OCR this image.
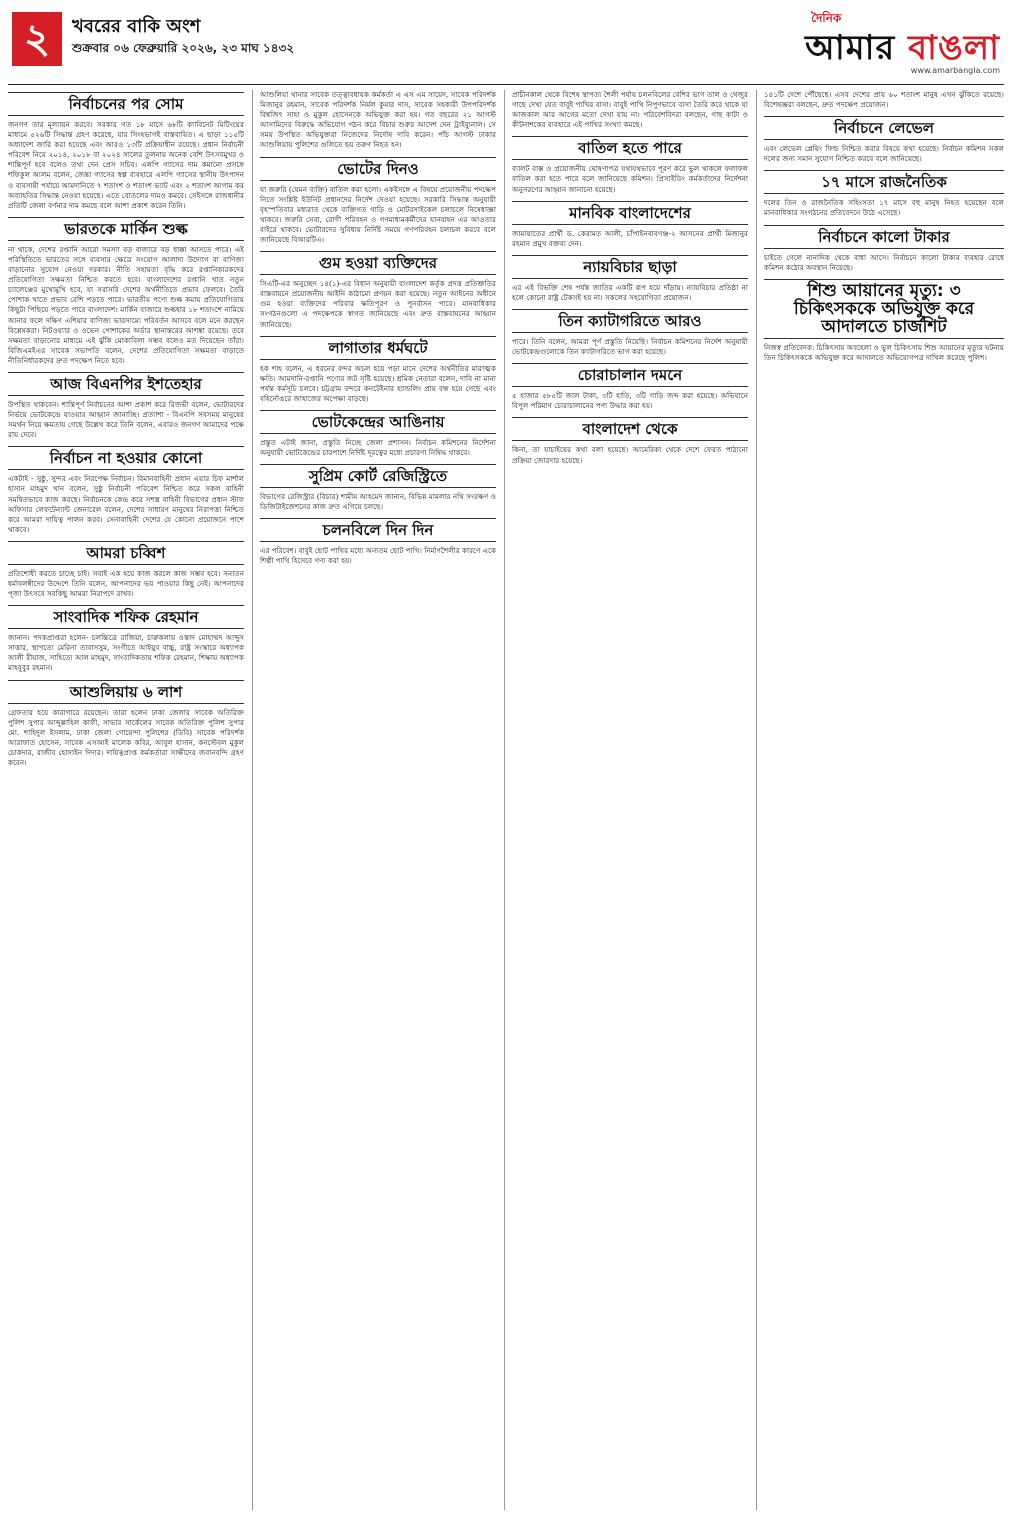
২	খবরের বাকি অংশ
শুক্রবার ০৬ ফেব্রুয়ারি ২০২৬, ২৩ মাঘ ১৪৩২
দৈনিক
আমার বাঙলা
www.amarbangla.com
নির্বাচনের পর সোম
জনগণ তার মূল্যায়ন করবে। সরকার গত ১৮ মাসে ৬৮টি ক্যাবিনেট মিটিংয়ের মাধ্যমে ৫২৬টি সিদ্ধান্ত গ্রহণ করেছে, যার সিংহভাগই বাস্তবায়িত। এ ছাড়া ১১৫টি অধ্যাদেশ জারি করা হয়েছে এবং আরও ১৩টি প্রক্রিয়াধীন রয়েছে। প্রধান নির্বাচনী পরিবেশ নিয়ে ২০১৪, ২০১৮ বা ২০২৪ সালের তুলনায় অনেক বেশি উৎসবমুখর ও শান্তিপূর্ণ হবে বলেও তথ্য দেন প্রেস সচিব। এলপি গ্যাসের দাম কমানো প্রসঙ্গে শফিকুল আলম বলেন, জেন্তা গ্যাসের স্বল্প ব্যবহারে এলপি গ্যাসের স্থানীয় উৎপাদন ও ব্যবসায়ী পর্যায়ে আমদানিতে ৭ শতাংশ ও শতাংশ ভ্যাট এবং ২ শতাংশ আগাম কর অব্যাহতির সিদ্ধান্ত নেওয়া হয়েছে। এতে বোতলের দামও কমবে। সেইসঙ্গে রাজধানীর প্রতিটি জেলা বর্ণনার দাম কমছে বলে আশা প্রকাশ করেন তিনি।
ভারতকে মার্কিন শুল্ক
না থাকে, দেশের রপ্তানি আরো সমস্যা বড় বাজারে বড় ধাক্কা আসতে পারে। এই পরিস্থিতিতে ভারতের সঙ্গে ব্যবসার ক্ষেত্রে সংযোগ আলাদা উদ্যোগ বা বাণিজ্য বাড়ানোর সুযোগ নেওয়া দরকার। নীতি সহায়তা বৃদ্ধি করে রপ্তানিকারকদের প্রতিযোগিতা সক্ষমতা নিশ্চিত করতে হবে। বাংলাদেশের রপ্তানি খাত নতুন চ্যালেঞ্জের মুখোমুখি হবে, যা সরাসরি দেশের অর্থনীতিতে প্রভাব ফেলবে। তৈরি পোশাক খাতে প্রভাব বেশি পড়তে পারে। ভারতীয় পণ্যে শুল্ক কমায় প্রতিযোগিতায় কিছুটা পিছিয়ে পড়তে পারে বাংলাদেশ। মার্কিন বাজারে শুল্কহার ১৮ শতাংশে নামিয়ে আনার ফলে দক্ষিণ এশিয়ার বাণিজ্য ভারসাম্যে পরিবর্তন আসবে বলে মনে করছেন বিশ্লেষকরা। নিটওয়্যার ও ওভেন পোশাকের অর্ডার স্থানান্তরের আশঙ্কা রয়েছে। তবে সক্ষমতা বাড়ানোর মাধ্যমে এই ঝুঁকি মোকাবিলা সম্ভব বলেও মত দিয়েছেন তাঁরা। বিজিএমইএর সাবেক সভাপতি বলেন, দেশের প্রতিযোগিতা সক্ষমতা বাড়াতে নীতিনির্ধারকদের দ্রুত পদক্ষেপ নিতে হবে।
আজ বিএনপির ইশতেহার
উপস্থিত থাকবেন। শান্তিপূর্ণ নির্বাচনের আশা প্রকাশ করে রিজভী বলেন, ভোটারদের নির্ভয়ে ভোটকেন্দ্রে যাওয়ার আহ্বান জানাচ্ছি। প্রত্যাশা - বিএনপি সবসময় মানুষের সমর্থন নিয়ে ক্ষমতায় গেছে উল্লেখ করে তিনি বলেন, এবারও জনগণ আমাদের পক্ষে রায় দেবে।
নির্বাচন না হওয়ার কোনো
একটাই - সুষ্ঠু, সুন্দর এবং নিরপেক্ষ নির্বাচন। বিমানবাহিনী প্রধান এয়ার চিফ মার্শাল হাসান মাহমুদ খান বলেন, সুষ্ঠু নির্বাচনী পরিবেশ নিশ্চিত করে সকল বাহিনী সমন্বিতভাবে কাজ করছে। নির্বাচনকে কেন্দ্র করে সশস্ত্র বাহিনী বিভাগের প্রধান স্টাফ অফিসার লেফটেন্যান্ট জেনারেল বলেন, দেশের সাধারণ মানুষের নিরাপত্তা নিশ্চিত করে আমরা দায়িত্ব পালন করব। সেনাবাহিনী দেশের যে কোনো প্রয়োজনে পাশে থাকবে।
আমরা চব্বিশ
প্রতিশোধী করতে চাচ্ছে চাই। সবাই এক হয়ে কাজ করলে কাজ সম্ভব হবে। সনাতন ধর্মাবলম্বীদের উদ্দেশে তিনি বলেন, আপনাদের ভয় পাওয়ার কিছু নেই। আপনাদের পূজা উৎসবে সবকিছু আমরা নিরাপদে রাখব।
সাংবাদিক শফিক রেহমান
জানান। পদকপ্রাপ্তরা হলেন- চলচ্চিত্রে রাজিয়া, চারুকলায় ওস্তাদ মোহাম্মদ আব্দুস সাত্তার, স্থাপত্যে মেরিনা তাবাসসুম, সংগীতে আইয়ুব বাচ্চু, রাষ্ট্র সংস্কারে অধ্যাপক আলী রীয়াজ, সাহিত্যে আল মাহমুদ, সাংবাদিকতায় শফিক রেহমান, শিক্ষায় অধ্যাপক মাহবুবুর রহমান।
আশুলিয়ায় ৬ লাশ
গ্রেফতার হয়ে কারাগারে রয়েছেন। তারা হলেন ঢাকা জেলার সাবেক অতিরিক্ত পুলিশ সুপার আব্দুল্লাহিল কাফী, সাভার সার্কেলের সাবেক অতিরিক্ত পুলিশ সুপার মো. শাহিদুল ইসলাম, ঢাকা জেলা গোয়েন্দা পুলিশের (ডিবি) সাবেক পরিদর্শক আরাফাত হোসেন, সাবেক এসআই মালেক কবির, আবুল হাসান, কনস্টেবল মুকুল চোকদার, রাজীব হোসাইন দিদার। দায়িত্বপ্রাপ্ত কর্মকর্তারা সাক্ষীদের জবানবন্দি গ্রহণ করেন।
আশুলিয়া থানার সাবেক তত্ত্বাবধায়ক কর্মকর্তা এ এস এম সায়েদ, সাবেক পরিদর্শক মিজানুর রহমান, সাবেক পরিদর্শক নির্মল কুমার দাস, সাবেক সহকারী উপপরিদর্শক বিশ্বজিৎ সাহা ও মুকুল হোসেনকে অভিযুক্ত করা হয়। গত বছরের ২১ আগস্ট আসামিদের বিরুদ্ধে অভিযোগ গঠন করে বিচার শুরুর আদেশ দেন ট্রাইব্যুনাল। সে সময় উপস্থিত অভিযুক্তরা নিজেদের নির্দোষ দাবি করেন। পাঁচ আগস্ট ঢাকার আশুলিয়ায় পুলিশের গুলিতে ছয় তরুণ নিহত হন।
ভোটের দিনও
যা জরুরি (যেমন ব্যক্তি) বাতিল করা হলো। একইসঙ্গে এ বিষয়ে প্রয়োজনীয় পদক্ষেপ নিতে সংশ্লিষ্ট ইউনিট প্রধানদের নির্দেশ দেওয়া হয়েছে। সরকারি সিদ্ধান্ত অনুযায়ী বৃহস্পতিবার মধ্যরাত থেকে ব্যক্তিগত গাড়ি ও মোটরসাইকেল চলাচলে নিষেধাজ্ঞা থাকবে। জরুরি সেবা, রোগী পরিবহন ও গণমাধ্যমকর্মীদের যানবাহন এর আওতার বাইরে থাকবে। ভোটারদের সুবিধায় নির্দিষ্ট সময়ে গণপরিবহন চলাচল করবে বলে জানিয়েছে বিআরটিএ।
গুম হওয়া ব্যক্তিদের
সিএটি-এর অনুচ্ছেদ ১৪(১)-এর বিধান অনুযায়ী বাংলাদেশ কর্তৃক প্রদত্ত প্রতিশ্রুতির বাস্তবায়নে প্রয়োজনীয় আইনি কাঠামো প্রণয়ন করা হয়েছে। নতুন আইনের অধীনে গুম হওয়া ব্যক্তিদের পরিবার ক্ষতিপূরণ ও পুনর্বাসন পাবে। মানবাধিকার সংগঠনগুলো এ পদক্ষেপকে স্বাগত জানিয়েছে এবং দ্রুত বাস্তবায়নের আহ্বান জানিয়েছে।
লাগাতার ধর্মঘটে
হক শাহ বলেন, এ ধরনের বন্দর অচল হয়ে পড়া মানে দেশের অর্থনীতির মারাত্মক ক্ষতি। আমদানি-রপ্তানি পণ্যের জট সৃষ্টি হয়েছে। শ্রমিক নেতারা বলেন, দাবি না মানা পর্যন্ত কর্মসূচি চলবে। চট্টগ্রাম বন্দরে কনটেইনার হ্যান্ডলিং প্রায় বন্ধ হয়ে গেছে এবং বহির্নোঙরে জাহাজের অপেক্ষা বাড়ছে।
ভোটকেন্দ্রের আঙিনায়
প্রস্তুত এটাই জানা, প্রস্তুতি নিচ্ছে জেলা প্রশাসন। নির্বাচন কমিশনের নির্দেশনা অনুযায়ী ভোটকেন্দ্রের চারপাশে নির্দিষ্ট দূরত্বের মধ্যে প্রচারণা নিষিদ্ধ থাকবে।
সুপ্রিম কোর্ট রেজিস্ট্রিতে
বিভাগের রেজিস্ট্রার (বিচার) শামীম আহমেদ জানান, বিভিন্ন মামলার নথি সংরক্ষণ ও ডিজিটাইজেশনের কাজ দ্রুত এগিয়ে চলছে।
চলনবিলে দিন দিন
এর পরিবেশ। বাবুই ছোট পাখির মধ্যে অন্যতম ছোট পাখি। নির্মাণশৈলীর কারণে একে শিল্পী পাখি হিসেবে গণ্য করা হয়।
প্রাচীনকাল থেকে বিশেষ স্থাপত্য শৈলী পর্যায় চলনবিলের বেশির ভাগ তাল ও খেজুর গাছে দেখা যেত বাবুই পাখির বাসা। বাবুই পাখি নিপুণভাবে বাসা তৈরি করে থাকে যা আজকাল আর আগের মতো দেখা যায় না। পরিবেশবিদরা বলছেন, গাছ কাটা ও কীটনাশকের ব্যবহারে এই পাখির সংখ্যা কমছে।
বাতিল হতে পারে
ব্যালট বাক্স ও প্রয়োজনীয় ঘোষণাপত্র যথাযথভাবে পূরণ করে ভুল থাকলে ফলাফল বাতিল করা হতে পারে বলে জানিয়েছে কমিশন। প্রিসাইডিং কর্মকর্তাদের নির্দেশনা অনুসরণের আহ্বান জানানো হয়েছে।
মানবিক বাংলাদেশের
জামায়াতের প্রার্থী ড. কেরামত আলী, চাঁপাইনবাবগঞ্জ-২ আসনের প্রার্থী মিজানুর রহমান প্রমুখ বক্তব্য দেন।
ন্যায়বিচার ছাড়া
এর এই বিভক্তি শেষ পর্যন্ত জাতির একটি রূপ হয়ে দাঁড়ায়। ন্যায়বিচার প্রতিষ্ঠা না হলে কোনো রাষ্ট্র টেকসই হয় না। সকলের সহযোগিতা প্রয়োজন।
তিন ক্যাটাগরিতে আরও
পারে। তিনি বলেন, আমরা পূর্ণ প্রস্তুতি নিয়েছি। নির্বাচন কমিশনের নির্দেশ অনুযায়ী ভোটকেন্দ্রগুলোকে তিন ক্যাটাগরিতে ভাগ করা হয়েছে।
চোরাচালান দমনে
৫ হাজার ৫৮৫টি জাল টাকা, ৩টি হাতি, ৩টি গাড়ি জব্দ করা হয়েছে। অভিযানে বিপুল পরিমাণ চোরাচালানের পণ্য উদ্ধার করা হয়।
বাংলাদেশ থেকে
কিনা, তা যাচাইয়ের কথা বলা হয়েছে। আমেরিকা থেকে দেশে ফেরত পাঠানো প্রক্রিয়া জোরদার হয়েছে।
১৪১টি দেশে পৌঁছেছে। এসব দেশের প্রায় ৬০ শতাংশ মানুষ এখন ঝুঁকিতে রয়েছে। বিশেষজ্ঞরা বলছেন, দ্রুত পদক্ষেপ প্রয়োজন।
নির্বাচনে লেভেল
এবং লেভেল প্লেয়িং ফিল্ড নিশ্চিত করার বিষয়ে কথা হয়েছে। নির্বাচন কমিশন সকল দলের জন্য সমান সুযোগ নিশ্চিত করবে বলে জানিয়েছে।
১৭ মাসে রাজনৈতিক
দলের তিন ও রাজনৈতিক সহিংসতা ১৭ মাসে বহু মানুষ নিহত হয়েছেন বলে মানবাধিকার সংগঠনের প্রতিবেদনে উঠে এসেছে।
নির্বাচনে কালো টাকার
চাইতে গেলে নানাদিক থেকে বাধা আসে। নির্বাচনে কালো টাকার ব্যবহার রোধে কমিশন কঠোর অবস্থান নিয়েছে।
শিশু আয়ানের মৃত্যু: ৩ চিকিৎসককে অভিযুক্ত করে আদালতে চার্জশিট
নিজস্ব প্রতিবেদক: চিকিৎসায় অবহেলা ও ভুল চিকিৎসায় শিশু আয়ানের মৃত্যুর ঘটনায় তিন চিকিৎসককে অভিযুক্ত করে আদালতে অভিযোগপত্র দাখিল করেছে পুলিশ।
